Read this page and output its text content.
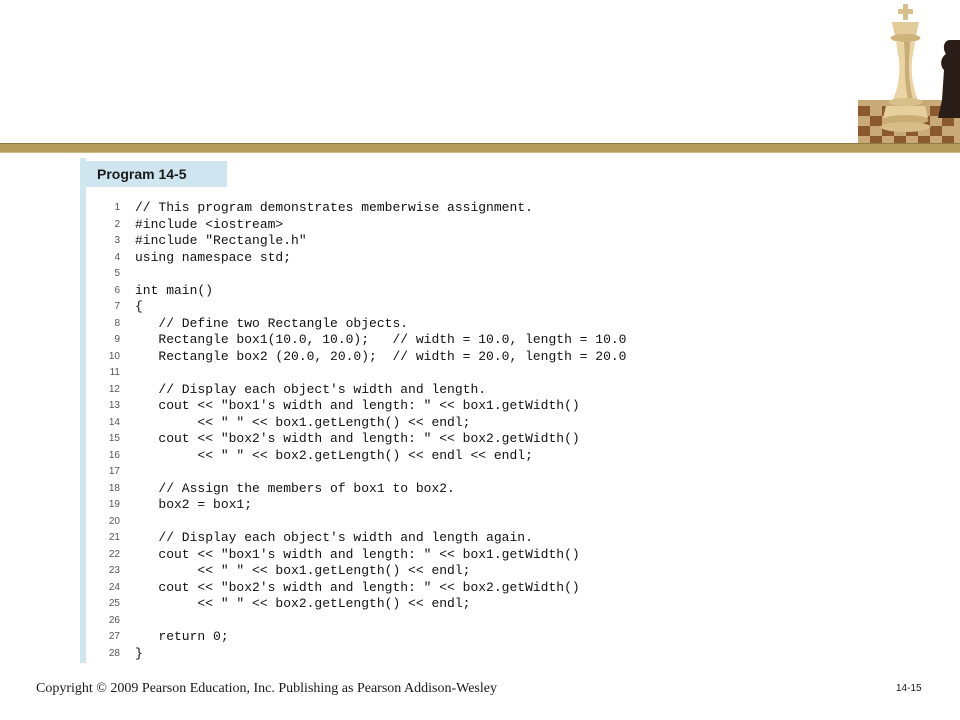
Program 14-5
1 // This program demonstrates memberwise assignment.
2 #include <iostream>
3 #include "Rectangle.h"
4 using namespace std;
5
6 int main()
7 {
8 // Define two Rectangle objects.
9 Rectangle box1(10.0, 10.0);   // width = 10.0, length = 10.0
10 Rectangle box2 (20.0, 20.0);  // width = 20.0, length = 20.0
11
12 // Display each object's width and length.
13 cout << "box1's width and length: " << box1.getWidth()
14 << " " << box1.getLength() << endl;
15 cout << "box2's width and length: " << box2.getWidth()
16 << " " << box2.getLength() << endl << endl;
17
18 // Assign the members of box1 to box2.
19 box2 = box1;
20
21 // Display each object's width and length again.
22 cout << "box1's width and length: " << box1.getWidth()
23 << " " << box1.getLength() << endl;
24 cout << "box2's width and length: " << box2.getWidth()
25 << " " << box2.getLength() << endl;
26
27 return 0;
28 }
Copyright © 2009 Pearson Education, Inc. Publishing as Pearson Addison-Wesley	14-15
